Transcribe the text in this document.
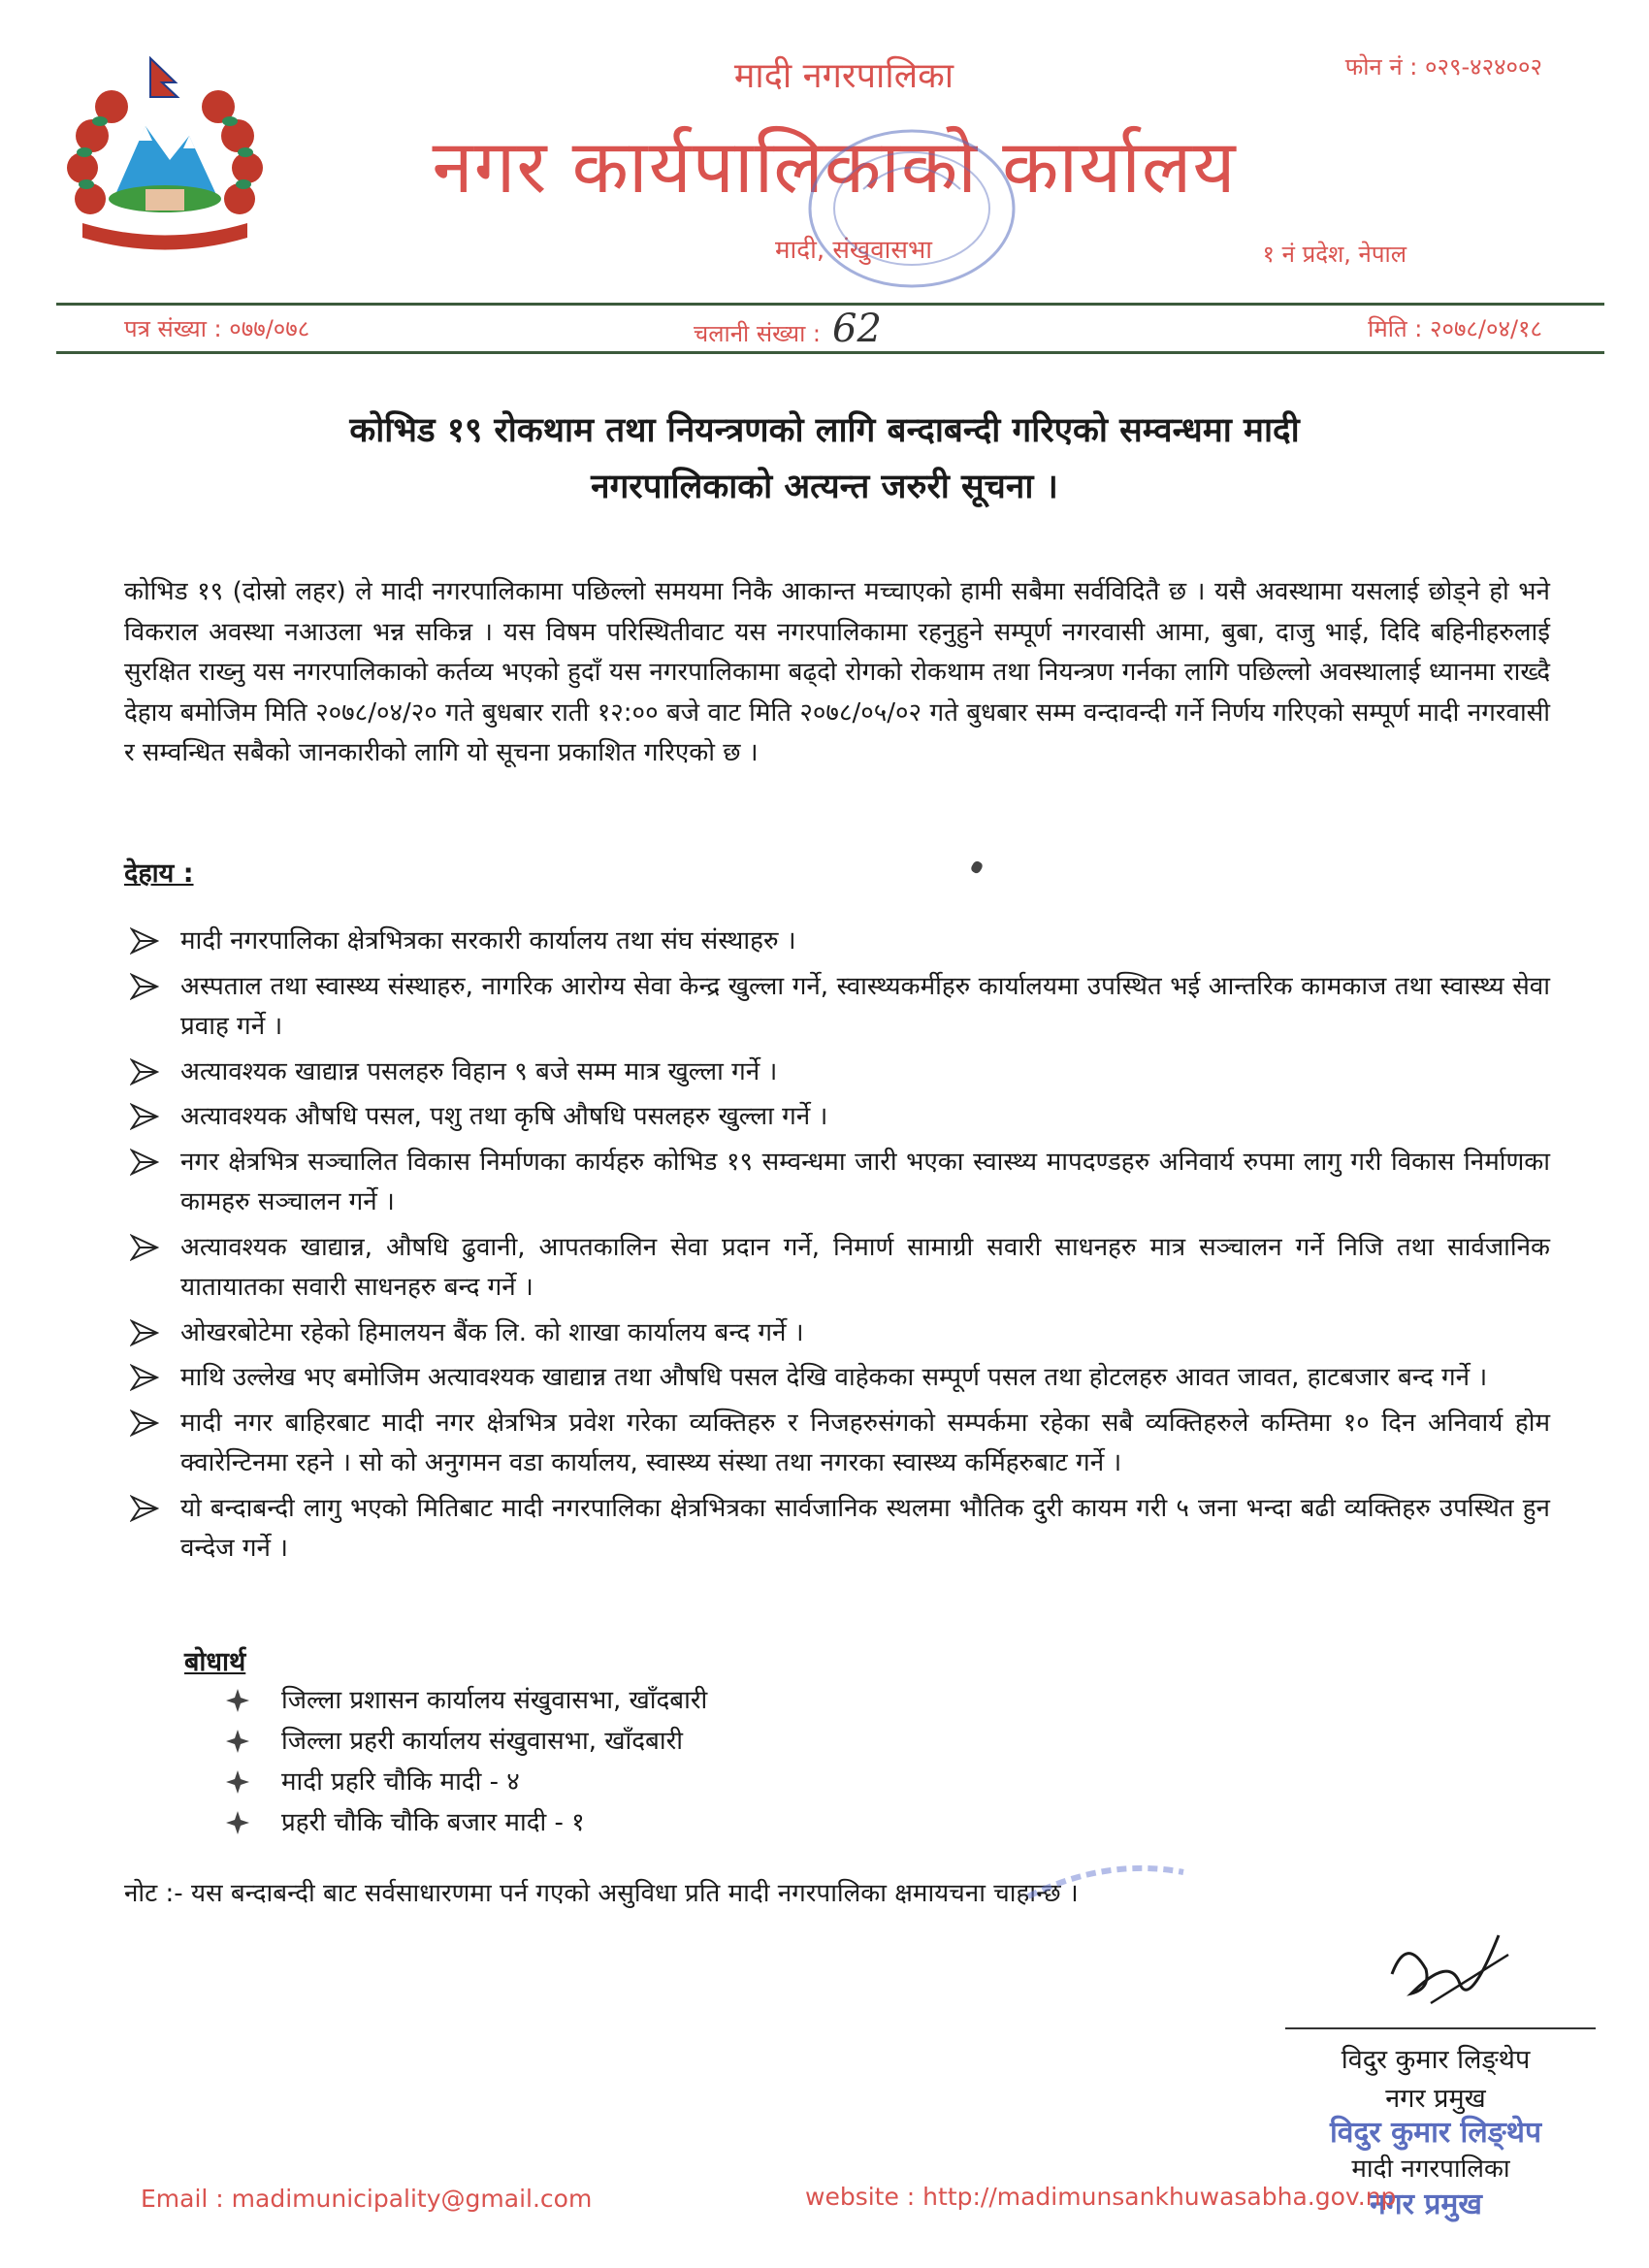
फोन नं : ०२९-४२४००२
मादी नगरपालिका
नगर कार्यपालिकाको कार्यालय
मादी, संखुवासभा	१ नं प्रदेश, नेपाल
पत्र संख्या : ०७७/०७८	चलानी संख्या : 62	मिति : २०७८/०४/१८
कोभिड १९ रोकथाम तथा नियन्त्रणको लागि बन्दाबन्दी गरिएको सम्वन्धमा मादी
नगरपालिकाको अत्यन्त जरुरी सूचना ।
कोभिड १९ (दोस्रो लहर) ले मादी नगरपालिकामा पछिल्लो समयमा निकै आकान्त मच्चाएको हामी सबैमा सर्वविदितै छ । यसै अवस्थामा यसलाई छोड्ने हो भने विकराल अवस्था नआउला भन्न सकिन्न । यस विषम परिस्थितीवाट यस नगरपालिकामा रहनुहुने सम्पूर्ण नगरवासी आमा, बुबा, दाजु भाई, दिदि बहिनीहरुलाई सुरक्षित राख्नु यस नगरपालिकाको कर्तव्य भएको हुदाँ यस नगरपालिकामा बढ्दो रोगको रोकथाम तथा नियन्त्रण गर्नका लागि पछिल्लो अवस्थालाई ध्यानमा राख्दै देहाय बमोजिम मिति २०७८/०४/२० गते बुधबार राती १२:०० बजे वाट मिति २०७८/०५/०२ गते बुधबार सम्म वन्दावन्दी गर्ने निर्णय गरिएको सम्पूर्ण मादी नगरवासी र सम्वन्धित सबैको जानकारीको लागि यो सूचना प्रकाशित गरिएको छ ।
देहाय :
मादी नगरपालिका क्षेत्रभित्रका सरकारी कार्यालय तथा संघ संस्थाहरु ।
अस्पताल तथा स्वास्थ्य संस्थाहरु, नागरिक आरोग्य सेवा केन्द्र खुल्ला गर्ने, स्वास्थ्यकर्मीहरु कार्यालयमा उपस्थित भई आन्तरिक कामकाज तथा स्वास्थ्य सेवा प्रवाह गर्ने ।
अत्यावश्यक खाद्यान्न पसलहरु विहान ९ बजे सम्म मात्र खुल्ला गर्ने ।
अत्यावश्यक औषधि पसल, पशु तथा कृषि औषधि पसलहरु खुल्ला गर्ने ।
नगर क्षेत्रभित्र सञ्चालित विकास निर्माणका कार्यहरु कोभिड १९ सम्वन्धमा जारी भएका स्वास्थ्य मापदण्डहरु अनिवार्य रुपमा लागु गरी विकास निर्माणका कामहरु सञ्चालन गर्ने ।
अत्यावश्यक खाद्यान्न, औषधि ढुवानी, आपतकालिन सेवा प्रदान गर्ने, निमार्ण सामाग्री सवारी साधनहरु मात्र सञ्चालन गर्ने निजि तथा सार्वजानिक यातायातका सवारी साधनहरु बन्द गर्ने ।
ओखरबोटेमा रहेको हिमालयन बैंक लि. को शाखा कार्यालय बन्द गर्ने ।
माथि उल्लेख भए बमोजिम अत्यावश्यक खाद्यान्न तथा औषधि पसल देखि वाहेकका सम्पूर्ण पसल तथा होटलहरु आवत जावत, हाटबजार बन्द गर्ने ।
मादी नगर बाहिरबाट मादी नगर क्षेत्रभित्र प्रवेश गरेका व्यक्तिहरु र निजहरुसंगको सम्पर्कमा रहेका सबै व्यक्तिहरुले कम्तिमा १० दिन अनिवार्य होम क्वारेन्टिनमा रहने । सो को अनुगमन वडा कार्यालय, स्वास्थ्य संस्था तथा नगरका स्वास्थ्य कर्मिहरुबाट गर्ने ।
यो बन्दाबन्दी लागु भएको मितिबाट मादी नगरपालिका क्षेत्रभित्रका सार्वजानिक स्थलमा भौतिक दुरी कायम गरी ५ जना भन्दा बढी व्यक्तिहरु उपस्थित हुन वन्देज गर्ने ।
बोधार्थ
जिल्ला प्रशासन कार्यालय संखुवासभा, खाँदबारी
जिल्ला प्रहरी कार्यालय संखुवासभा, खाँदबारी
मादी प्रहरि चौकि मादी - ४
प्रहरी चौकि चौकि बजार मादी - १
नोट :- यस बन्दाबन्दी बाट सर्वसाधारणमा पर्न गएको असुविधा प्रति मादी नगरपालिका क्षमायचना चाहान्छ ।
विदुर कुमार लिङ्थेप
नगर प्रमुख
विदुर कुमार लिङ्थेप
मादी नगरपालिका
नगर प्रमुख
Email : madimunicipality@gmail.com	website : http://madimunsankhuwasabha.gov.np
